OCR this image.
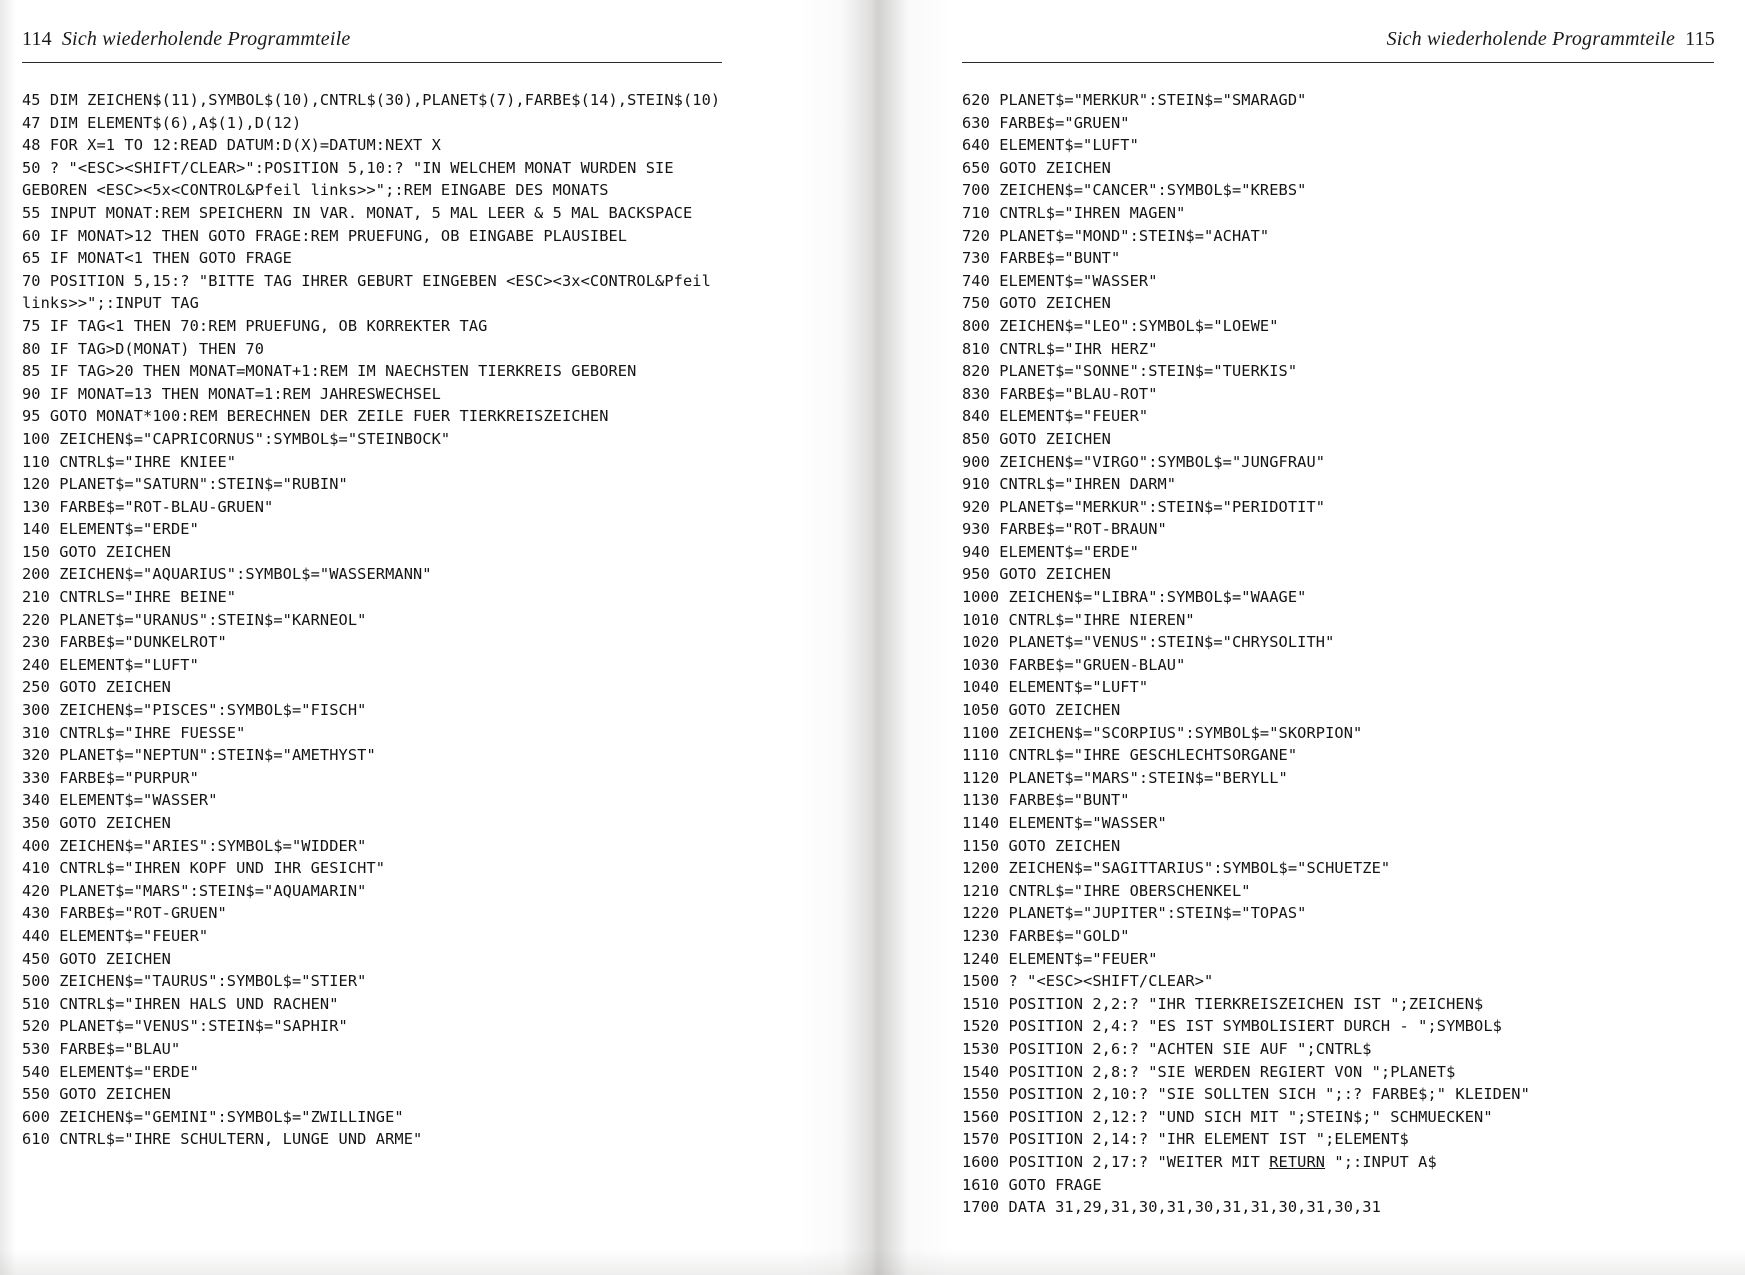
114 Sich wiederholende Programmteile
45 DIM ZEICHEN$(11),SYMBOL$(10),CNTRL$(30),PLANET$(7),FARBE$(14),STEIN$(10)
47 DIM ELEMENT$(6),A$(1),D(12)
48 FOR X=1 TO 12:READ DATUM:D(X)=DATUM:NEXT X
50 ? "<ESC><SHIFT/CLEAR>":POSITION 5,10:? "IN WELCHEM MONAT WURDEN SIE GEBOREN <ESC><5x<CONTROL&Pfeil links>>";:REM EINGABE DES MONATS
55 INPUT MONAT:REM SPEICHERN IN VAR. MONAT, 5 MAL LEER & 5 MAL BACKSPACE
60 IF MONAT>12 THEN GOTO FRAGE:REM PRUEFUNG, OB EINGABE PLAUSIBEL
65 IF MONAT<1 THEN GOTO FRAGE
70 POSITION 5,15:? "BITTE TAG IHRER GEBURT EINGEBEN <ESC><3x<CONTROL&Pfeil links>>";:INPUT TAG
75 IF TAG<1 THEN 70:REM PRUEFUNG, OB KORREKTER TAG
80 IF TAG>D(MONAT) THEN 70
85 IF TAG>20 THEN MONAT=MONAT+1:REM IM NAECHSTEN TIERKREIS GEBOREN
90 IF MONAT=13 THEN MONAT=1:REM JAHRESWECHSEL
95 GOTO MONAT*100:REM BERECHNEN DER ZEILE FUER TIERKREISZEICHEN
100 ZEICHEN$="CAPRICORNUS":SYMBOL$="STEINBOCK"
110 CNTRL$="IHRE KNIEE"
120 PLANET$="SATURN":STEIN$="RUBIN"
130 FARBE$="ROT-BLAU-GRUEN"
140 ELEMENT$="ERDE"
150 GOTO ZEICHEN
200 ZEICHEN$="AQUARIUS":SYMBOL$="WASSERMANN"
210 CNTRLS="IHRE BEINE"
220 PLANET$="URANUS":STEIN$="KARNEOL"
230 FARBE$="DUNKELROT"
240 ELEMENT$="LUFT"
250 GOTO ZEICHEN
300 ZEICHEN$="PISCES":SYMBOL$="FISCH"
310 CNTRL$="IHRE FUESSE"
320 PLANET$="NEPTUN":STEIN$="AMETHYST"
330 FARBE$="PURPUR"
340 ELEMENT$="WASSER"
350 GOTO ZEICHEN
400 ZEICHEN$="ARIES":SYMBOL$="WIDDER"
410 CNTRL$="IHREN KOPF UND IHR GESICHT"
420 PLANET$="MARS":STEIN$="AQUAMARIN"
430 FARBE$="ROT-GRUEN"
440 ELEMENT$="FEUER"
450 GOTO ZEICHEN
500 ZEICHEN$="TAURUS":SYMBOL$="STIER"
510 CNTRL$="IHREN HALS UND RACHEN"
520 PLANET$="VENUS":STEIN$="SAPHIR"
530 FARBE$="BLAU"
540 ELEMENT$="ERDE"
550 GOTO ZEICHEN
600 ZEICHEN$="GEMINI":SYMBOL$="ZWILLINGE"
610 CNTRL$="IHRE SCHULTERN, LUNGE UND ARME"
Sich wiederholende Programmteile 115
620 PLANET$="MERKUR":STEIN$="SMARAGD"
630 FARBE$="GRUEN"
640 ELEMENT$="LUFT"
650 GOTO ZEICHEN
700 ZEICHEN$="CANCER":SYMBOL$="KREBS"
710 CNTRL$="IHREN MAGEN"
720 PLANET$="MOND":STEIN$="ACHAT"
730 FARBE$="BUNT"
740 ELEMENT$="WASSER"
750 GOTO ZEICHEN
800 ZEICHEN$="LEO":SYMBOL$="LOEWE"
810 CNTRL$="IHR HERZ"
820 PLANET$="SONNE":STEIN$="TUERKIS"
830 FARBE$="BLAU-ROT"
840 ELEMENT$="FEUER"
850 GOTO ZEICHEN
900 ZEICHEN$="VIRGO":SYMBOL$="JUNGFRAU"
910 CNTRL$="IHREN DARM"
920 PLANET$="MERKUR":STEIN$="PERIDOTIT"
930 FARBE$="ROT-BRAUN"
940 ELEMENT$="ERDE"
950 GOTO ZEICHEN
1000 ZEICHEN$="LIBRA":SYMBOL$="WAAGE"
1010 CNTRL$="IHRE NIEREN"
1020 PLANET$="VENUS":STEIN$="CHRYSOLITH"
1030 FARBE$="GRUEN-BLAU"
1040 ELEMENT$="LUFT"
1050 GOTO ZEICHEN
1100 ZEICHEN$="SCORPIUS":SYMBOL$="SKORPION"
1110 CNTRL$="IHRE GESCHLECHTSORGANE"
1120 PLANET$="MARS":STEIN$="BERYLL"
1130 FARBE$="BUNT"
1140 ELEMENT$="WASSER"
1150 GOTO ZEICHEN
1200 ZEICHEN$="SAGITTARIUS":SYMBOL$="SCHUETZE"
1210 CNTRL$="IHRE OBERSCHENKEL"
1220 PLANET$="JUPITER":STEIN$="TOPAS"
1230 FARBE$="GOLD"
1240 ELEMENT$="FEUER"
1500 ? "<ESC><SHIFT/CLEAR>"
1510 POSITION 2,2:? "IHR TIERKREISZEICHEN IST ";ZEICHEN$
1520 POSITION 2,4:? "ES IST SYMBOLISIERT DURCH - ";SYMBOL$
1530 POSITION 2,6:? "ACHTEN SIE AUF ";CNTRL$
1540 POSITION 2,8:? "SIE WERDEN REGIERT VON ";PLANET$
1550 POSITION 2,10:? "SIE SOLLTEN SICH ";:? FARBE$;" KLEIDEN"
1560 POSITION 2,12:? "UND SICH MIT ";STEIN$;" SCHMUECKEN"
1570 POSITION 2,14:? "IHR ELEMENT IST ";ELEMENT$
1600 POSITION 2,17:? "WEITER MIT RETURN ";:INPUT A$
1610 GOTO FRAGE
1700 DATA 31,29,31,30,31,30,31,31,30,31,30,31
